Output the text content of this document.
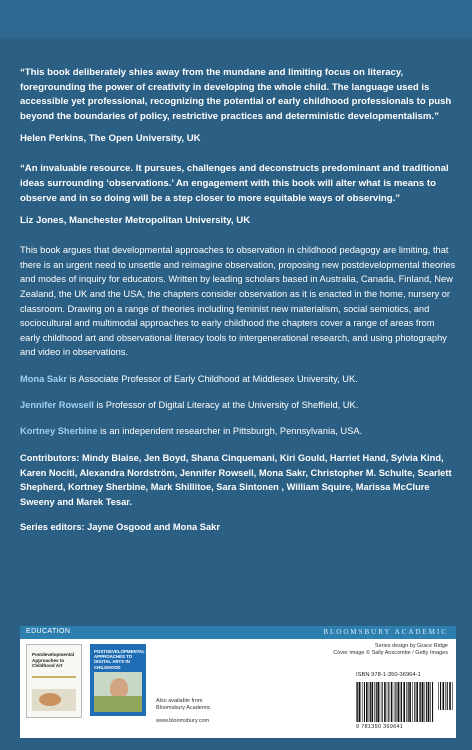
“This book deliberately shies away from the mundane and limiting focus on literacy, foregrounding the power of creativity in developing the whole child. The language used is accessible yet professional, recognizing the potential of early childhood professionals to push beyond the boundaries of policy, restrictive practices and deterministic developmentalism.”

Helen Perkins, The Open University, UK

“An invaluable resource. It pursues, challenges and deconstructs predominant and traditional ideas surrounding ‘observations.’ An engagement with this book will alter what is means to observe and in so doing will be a step closer to more equitable ways of observing.”

Liz Jones, Manchester Metropolitan University, UK

This book argues that developmental approaches to observation in childhood pedagogy are limiting, that there is an urgent need to unsettle and reimagine observation, proposing new postdevelopmental theories and modes of inquiry for educators. Written by leading scholars based in Australia, Canada, Finland, New Zealand, the UK and the USA, the chapters consider observation as it is enacted in the home, nursery or classroom. Drawing on a range of theories including feminist new materialism, social semiotics, and sociocultural and multimodal approaches to early childhood the chapters cover a range of areas from early childhood art and observational literacy tools to intergenerational research, and using photography and video in observations.

Mona Sakr is Associate Professor of Early Childhood at Middlesex University, UK.

Jennifer Rowsell is Professor of Digital Literacy at the University of Sheffield, UK.

Kortney Sherbine is an independent researcher in Pittsburgh, Pennsylvania, USA.

Contributors: Mindy Blaise, Jen Boyd, Shana Cinquemani, Kiri Gould, Harriet Hand, Sylvia Kind, Karen Nociti, Alexandra Nordström, Jennifer Rowsell, Mona Sakr, Christopher M. Schulte, Scarlett Shepherd, Kortney Sherbine, Mark Shillitoe, Sara Sintonen , William Squire, Marissa McClure Sweeny and Marek Tesar.

Series editors: Jayne Osgood and Mona Sakr

EDUCATION	BLOOMSBURY ACADEMIC
Postdevelopmental Approaches to Childhood Art
POSTDEVELOPMENTAL APPROACHES TO DIGITAL ARTS IN CHILDHOOD
Also available from
Bloomsbury Academic
www.bloomsbury.com
Series design by Grace Ridge
Cover image © Sally Anscombe / Getty Images
ISBN 978-1-350-36964-1
9 781350 369641
